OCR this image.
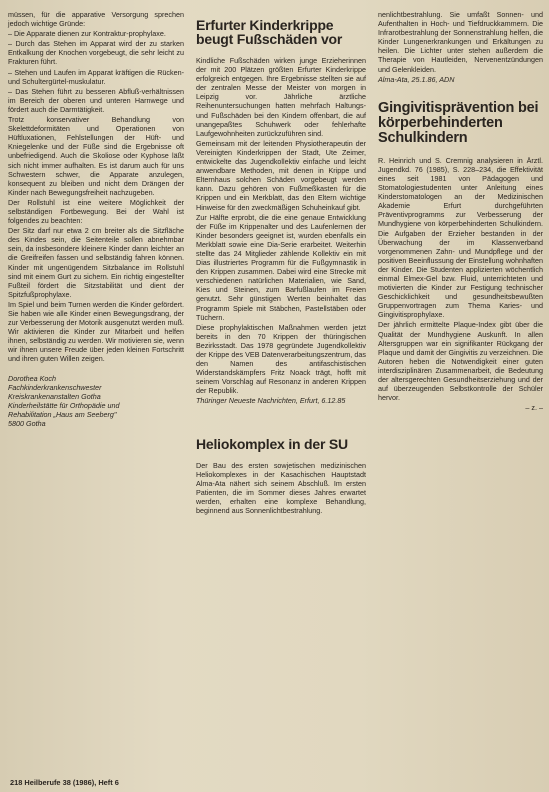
müssen, für die apparative Versorgung sprechen jedoch wichtige Gründe:

– Die Apparate dienen zur Kontraktur-prophylaxe.

– Durch das Stehen im Apparat wird der zu starken Entkalkung der Knochen vorgebeugt, die sehr leicht zu Frakturen führt.

– Stehen und Laufen im Apparat kräftigen die Rücken- und Schultergürtel-muskulatur.

– Das Stehen führt zu besseren Abfluß-verhältnissen im Bereich der oberen und unteren Harnwege und fördert auch die Darmtätigkeit.

Trotz konservativer Behandlung von Skelettdeformitäten und Operationen von Hüftluxationen, Fehlstellungen der Hüft- und Kniegelenke und der Füße sind die Ergebnisse oft unbefriedigend. Auch die Skoliose oder Kyphose läßt sich nicht immer aufhalten. Es ist darum auch für uns Schwestern schwer, die Apparate anzulegen, konsequent zu bleiben und nicht dem Drängen der Kinder nach Bewegungsfreiheit nachzugeben.

Der Rollstuhl ist eine weitere Möglichkeit der selbständigen Fortbewegung. Bei der Wahl ist folgendes zu beachten:

Der Sitz darf nur etwa 2 cm breiter als die Sitzfläche des Kindes sein, die Seitenteile sollen abnehmbar sein, da insbesondere kleinere Kinder dann leichter an die Greifreifen fassen und selbständig fahren können. Kinder mit ungenügendem Sitzbalance im Rollstuhl sind mit einem Gurt zu sichern. Ein richtig eingestellter Fußteil fördert die Sitzstabilität und dient der Spitzfußprophylaxe.

Im Spiel und beim Turnen werden die Kinder gefördert. Sie haben wie alle Kinder einen Bewegungsdrang, der zur Verbesserung der Motorik ausgenutzt werden muß. Wir aktivieren die Kinder zur Mitarbeit und helfen ihnen, selbständig zu werden. Wir motivieren sie, wenn wir ihnen unsere Freude über jeden kleinen Fortschritt und ihren guten Willen zeigen.

Dorothea Koch
Fachkinderkrankenschwester
Kreiskrankenanstalten Gotha
Kinderheilstätte für Orthopädie und
Rehabilitation „Haus am Seeberg"
5800 Gotha
Erfurter Kinderkrippe beugt Fußschäden vor

Kindliche Fußschäden wirken junge Erzieherinnen der mit 200 Plätzen größten Erfurter Kinderkrippe erfolgreich entgegen. Ihre Ergebnisse stellten sie auf der zentralen Messe der Meister von morgen in Leipzig vor. Jährliche ärztliche Reihenuntersuchungen hatten mehrfach Haltungs- und Fußschäden bei den Kindern offenbart, die auf unangepaßtes Schuhwerk oder fehlerhafte Laufgewohnheiten zurückzuführen sind.

Gemeinsam mit der leitenden Physiotherapeutin der Vereinigten Kinderkrippen der Stadt, Ute Zeimer, entwickelte das Jugendkollektiv einfache und leicht anwendbare Methoden, mit denen in Krippe und Elternhaus solchen Schäden vorgebeugt werden kann. Dazu gehören von Fußmeßkasten für die Krippen und ein Merkblatt, das den Eltern wichtige Hinweise für den zweckmäßigen Schuheinkauf gibt.

Zur Hälfte erprobt, die die eine genaue Entwicklung der Füße im Krippenalter und des Laufenlernen der Kinder besonders geeignet ist, wurden ebenfalls ein Merkblatt sowie eine Dia-Serie erarbeitet. Weiterhin stellte das 24 Mitglieder zählende Kollektiv ein mit Dias illustriertes Programm für die Fußgymnastik in den Krippen zusammen. Dabei wird eine Strecke mit verschiedenen natürlichen Materialien, wie Sand, Kies und Steinen, zum Barfußlaufen im Freien genutzt. Sehr günstigen Werten beinhaltet das Programm Spiele mit Stäbchen, Pastellstäben oder Tüchern.

Diese prophylaktischen Maßnahmen werden jetzt bereits in den 70 Krippen der thüringischen Bezirksstadt. Das 1978 gegründete Jugendkollektiv der Krippe des VEB Datenverarbeitungszentrum, das den Namen des antifaschistischen Widerstandskämpfers Fritz Noack trägt, hofft mit seinem Vorschlag auf Resonanz in anderen Krippen der Republik.

Thüringer Neueste Nachrichten, Erfurt, 6.12.85

Heliokomplex in der SU

Der Bau des ersten sowjetischen medizinischen Heliokomplexes in der Kasachischen Hauptstadt Alma-Ata nähert sich seinem Abschluß. Im ersten Patienten, die im Sommer dieses Jahres erwartet werden, erhalten eine komplexe Behandlung, beginnend aus Sonnenlichtbestrahlung.

nenlichtbestrahlung. Sie umfaßt Sonnen- und Aufenthalten in Hoch- und Tiefdruckkammern. Die Infrarotbestrahlung der Sonnenstrahlung helfen, die Kinder Lungenerkrankungen und Erkältungen zu heilen. Die Lichter unter stehen außerdem die Therapie von Hautleiden, Nervenentzündungen und Gelenkleiden.

Alma-Ata, 25.1.86, ADN

Gingivitisprävention bei körperbehinderten Schulkindern

R. Heinrich und S. Cremnig analysieren in Ärztl. Jugendkd. 76 (1985), S. 228–234, die Effektivität eines seit 1981 von Pädagogen und Stomatologiestudenten unter Anleitung eines Kinderstomatologen an der Medizinischen Akademie Erfurt durchgeführten Präventivprogramms zur Verbesserung der Mundhygiene von körperbehinderten Schulkindern. Die Aufgaben der Erzieher bestanden in der Überwachung der im Klassenverband vorgenommenen Zahn- und Mundpflege und der positiven Beeinflussung der Einstellung wohnhaften der Kinder. Die Studenten applizierten wöchentlich einmal Elmex-Gel bzw. Fluid, unterrichteten und motivierten die Kinder zur Festigung technischer Geschicklichkeit und gesundheitsbewußten Gruppenvortragen zum Thema Karies- und Gingivitisprophylaxe.

Der jährlich ermittelte Plaque-Index gibt über die Qualität der Mundhygiene Auskunft. In allen Altersgruppen war ein signifikanter Rückgang der Plaque und damit der Gingivitis zu verzeichnen. Die Autoren heben die Notwendigkeit einer guten interdisziplinären Zusammenarbeit, die Bedeutung der altersgerechten Gesundheitserziehung und der auf überzeugenden Selbstkontrolle der Schüler hervor.

– z. –

218 Heilberufe 38 (1986), Heft 6
